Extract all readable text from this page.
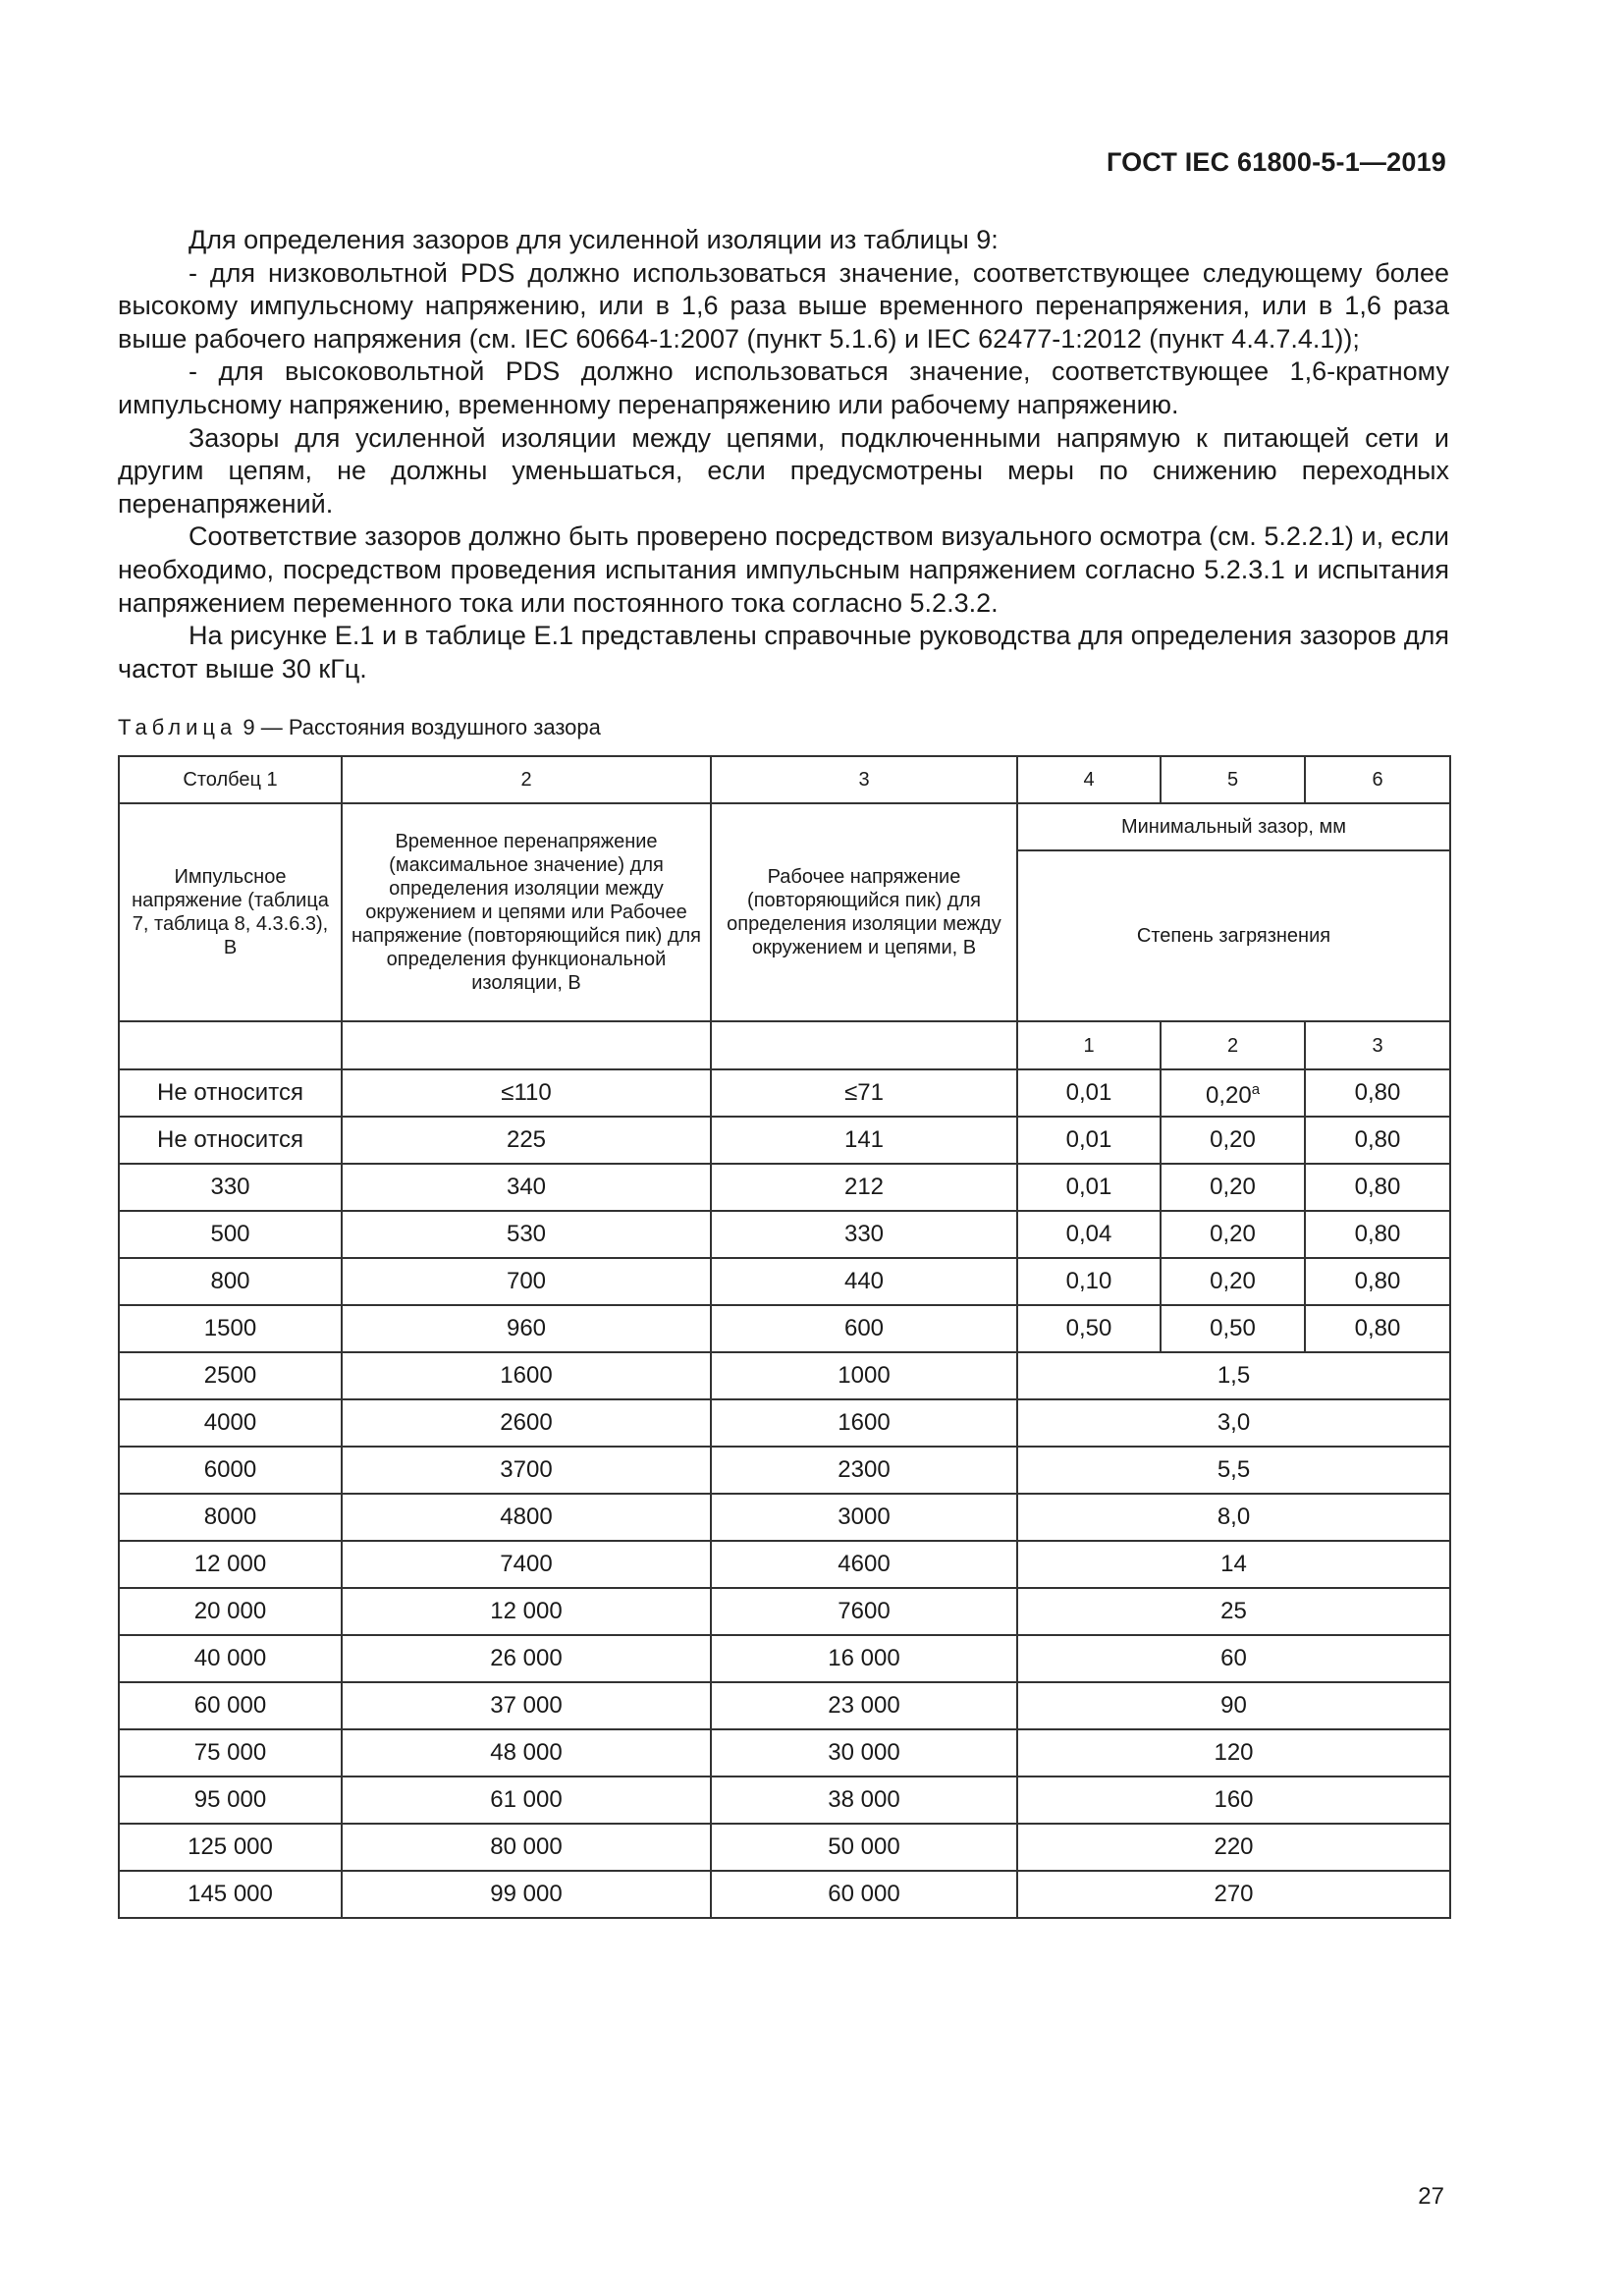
ГОСТ IEC 61800-5-1—2019

Для определения зазоров для усиленной изоляции из таблицы 9:

- для низковольтной PDS должно использоваться значение, соответствующее следующему более высокому импульсному напряжению, или в 1,6 раза выше временного перенапряжения, или в 1,6 раза выше рабочего напряжения (см. IEC 60664-1:2007 (пункт 5.1.6) и IEC 62477-1:2012 (пункт 4.4.7.4.1));

- для высоковольтной PDS должно использоваться значение, соответствующее 1,6-кратному импульсному напряжению, временному перенапряжению или рабочему напряжению.

Зазоры для усиленной изоляции между цепями, подключенными напрямую к питающей сети и другим цепям, не должны уменьшаться, если предусмотрены меры по снижению переходных перенапряжений.

Соответствие зазоров должно быть проверено посредством визуального осмотра (см. 5.2.2.1) и, если необходимо, посредством проведения испытания импульсным напряжением согласно 5.2.3.1 и испытания напряжением переменного тока или постоянного тока согласно 5.2.3.2.

На рисунке Е.1 и в таблице Е.1 представлены справочные руководства для определения зазоров для частот выше 30 кГц.

Таблица 9 — Расстояния воздушного зазора
Столбец 1	2	3	4	5	6
Импульсное напряжение (таблица 7, таблица 8, 4.3.6.3), В	Временное перенапряжение (максимальное значение) для определения изоляции между окружением и цепями или Рабочее напряжение (повторяющийся пик) для определения функциональной изоляции, В	Рабочее напряжение (повторяющийся пик) для определения изоляции между окружением и цепями, В	Минимальный зазор, мм		
			Степень загрязнения		
			1	2	3
Не относится	≤110	≤71	0,01	0,20$^a$	0,80
Не относится	225	141	0,01	0,20	0,80
330	340	212	0,01	0,20	0,80
500	530	330	0,04	0,20	0,80
800	700	440	0,10	0,20	0,80
1500	960	600	0,50	0,50	0,80
2500	1600	1000	1,5		
4000	2600	1600	3,0		
6000	3700	2300	5,5		
8000	4800	3000	8,0		
12 000	7400	4600	14		
20 000	12 000	7600	25		
40 000	26 000	16 000	60		
60 000	37 000	23 000	90		
75 000	48 000	30 000	120		
95 000	61 000	38 000	160		
125 000	80 000	50 000	220		
145 000	99 000	60 000	270		
27
